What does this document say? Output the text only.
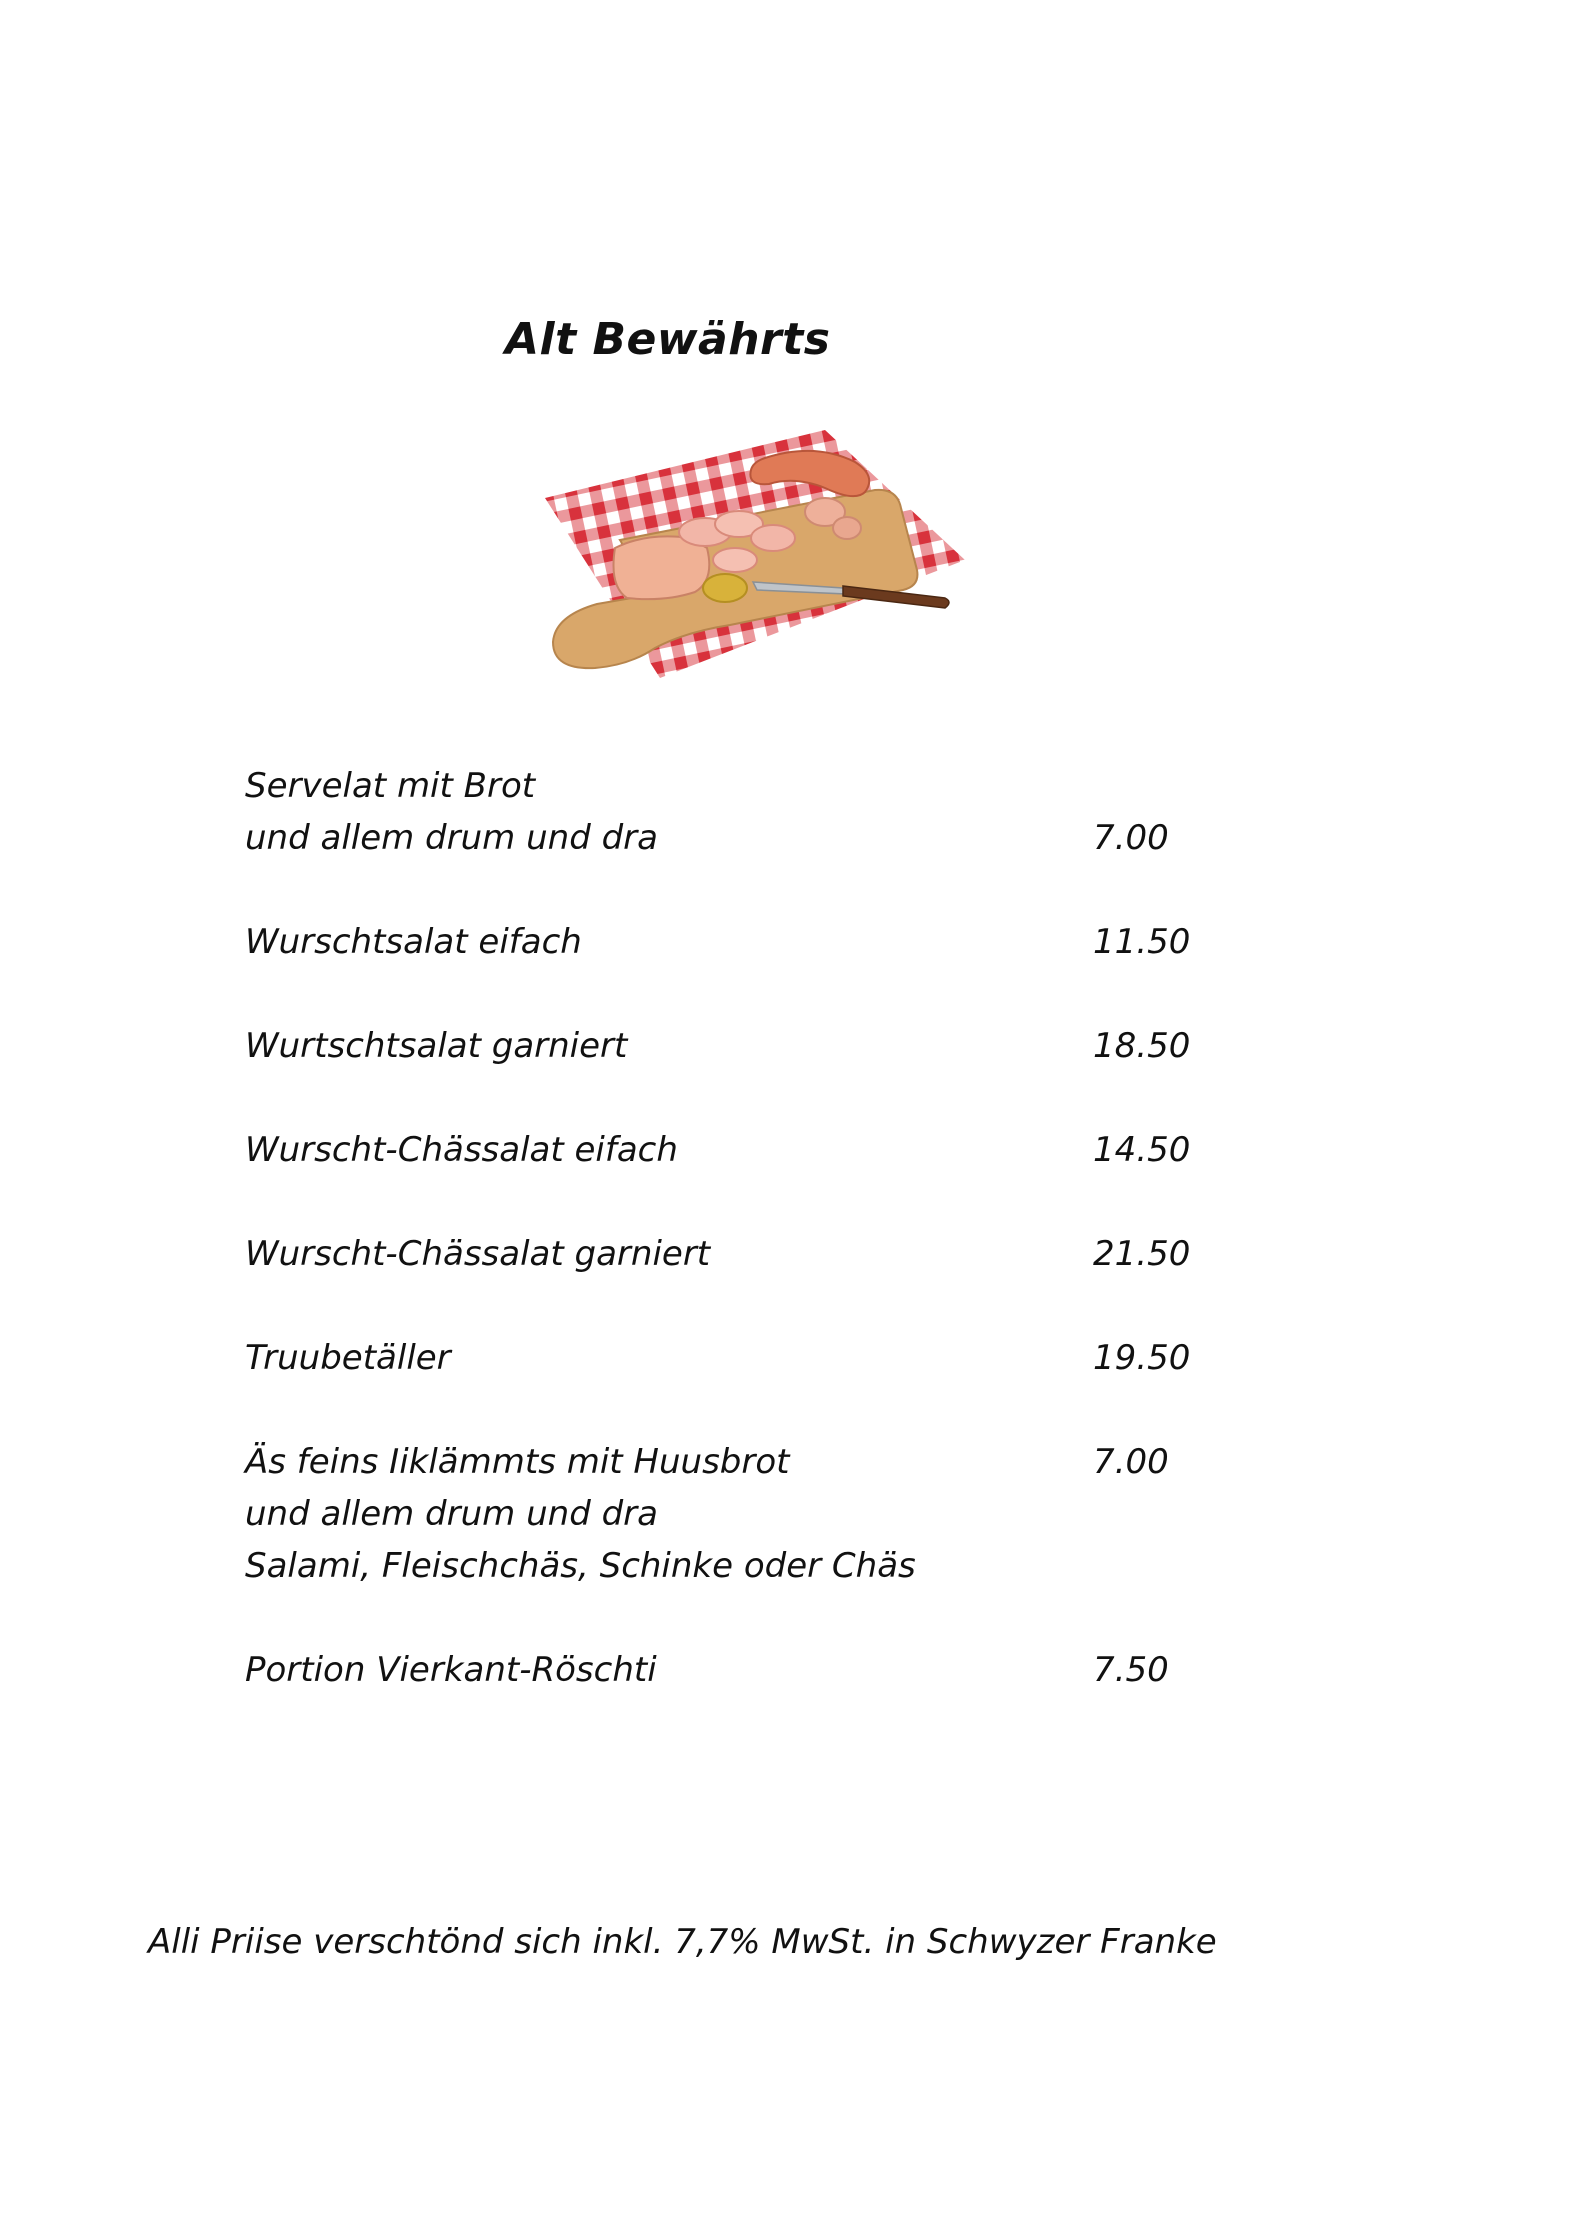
Alt Bewährts
Servelat mit Brot
und allem drum und dra	7.00
Wurschtsalat eifach	11.50
Wurtschtsalat garniert	18.50
Wurscht-Chässalat eifach	14.50
Wurscht-Chässalat garniert	21.50
Truubetäller	19.50
Äs feins Iiklämmts mit Huusbrot
und allem drum und dra
Salami, Fleischchäs, Schinke oder Chäs
7.00
Portion Vierkant-Röschti	7.50

Alli Priise verschtönd sich inkl. 7,7% MwSt. in Schwyzer Franke
